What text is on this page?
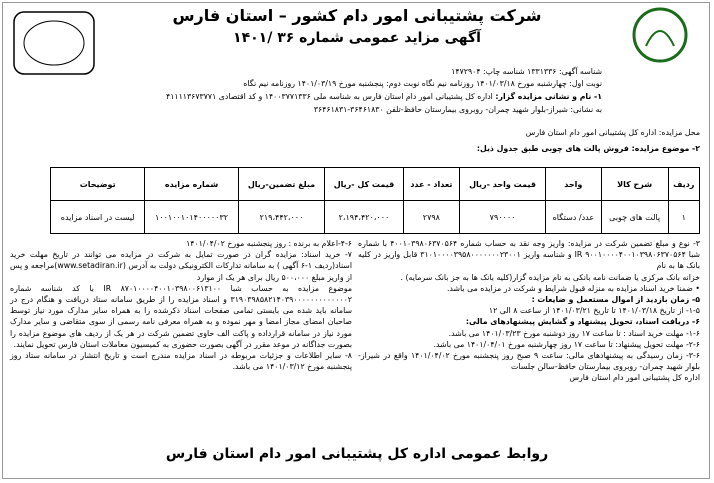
شرکت پشتیبانی امور دام کشور – استان فارس
آگهی مزاید عمومی شماره ۳۶ /۱۴۰۱
شناسه آگهی: ۱۳۳۱۳۳۶ شناسه چاپ: ۱۴۷۲۹۰۴
نوبت اول: چهارشنبه مورخ ۱۴۰۱/۰۳/۱۸ روزنامه نیم نگاه نوبت دوم: پنجشنبه مورخ ۱۴۰۱/۰۳/۱۹ روزنامه نیم نگاه
۱- نام و نشانی مزایده گزار: اداره کل پشتیبانی امور دام استان فارس به شناسه ملی ۱۴۰۰۳۷۷۱۳۳۶ و کد اقتصادی ۴۱۱۱۱۳۶۷۳۷۷۱
به نشانی: شیراز-بلوار شهید چمران- روبروی بیمارستان حافظ-تلفن ۳۶۴۶۱۸۳۰-۳۶۴۶۱۸۳۱
محل مزایده: اداره کل پشتیبانی امور دام استان فارس
۲- موضوع مزایده: فروش پالت های چوبی طبق جدول ذیل:
ردیف	شرح کالا	واحد	قیمت واحد -ریال	تعداد - عدد	قیمت کل -ریال	مبلغ تضمین-ریال	شماره مزایده	توضیحات
۱	پالت های چوبی	عدد/ دستگاه	۷۹۰۰۰۰	۲۷۹۸	۲،۱۹۴،۴۲۰،۰۰۰	۲۱۹،۴۴۲،۰۰۰	۱۰۰۱۰۰۱۰۱۴۰۰۰۰۰۳۲	لیست در اسناد مزایده

۳- نوع و مبلغ تضمین شرکت در مزایده: واریز وجه نقد به حساب شماره ۴۰۰۱۰۳۹۸۰۶۳۷۰۵۶۴ با شماره شبا IR ۹۰۰۱۰۰۰۰۴۰۰۱۰۳۹۸۰۶۳۷۰۵۶۴ و شناسه واریز ۳۱۰۱۰۰۰۰۳۹۵۸۰۰۰۰۰۰۰۲۳۰۰۱ قابل واریز در کلیه بانک ها به نام

خزانه بانک مرکزی یا ضمانت نامه بانکی به نام مزایده گزار(کلیه بانک ها به جز بانک سرمایه) .

• ضمنا خرید اسناد مزایده به منزله قبول شرایط و شرکت در مزایده می باشد.

۵- زمان بازدید از اموال مستعمل و ضایعات :

۱-۵- از تاریخ ۱۴۰۱/۰۳/۱۸ تا تاریخ ۱۴۰۱/۰۳/۲۱ از ساعت ۸ الی ۱۲

۶- دریافت اسناد، تحویل پیشنهاد و گشایش پیشنهادهای مالی:

۱-۶- مهلت خرید اسناد : تا ساعت ۱۷ روز دوشنبه مورخ ۱۴۰۱/۰۳/۲۳ می باشد.

۲-۶- مهلت تحویل پیشنهاد: تا ساعت ۱۷ روز چهارشنبه مورخ ۱۴۰۱/۰۴/۰۱ می باشد.

۳-۶- زمان رسیدگی به پیشنهادهای مالی: ساعت ۹ صبح روز پنجشنبه مورخ ۱۴۰۱/۰۴/۰۲ واقع در شیراز-بلوار شهید چمران- روبروی بیمارستان حافظ-سالن جلسات

اداره کل پشتیبانی امور دام استان فارس

۴-۶-اعلام به برنده : روز پنجشنبه مورخ ۱۴۰۱/۰۴/۰۲

۷- خرید اسناد: مزایده گران در صورت تمایل به شرکت در مزایده می توانند در تاریخ مهلت خرید اسناد(ردیف ۱-۶ آگهی ) به سامانه تدارکات الکترونیکی دولت به آدرس (www.setadiran.ir)مراجعه و پس از واریز مبلغ ۵۰۰،۰۰۰ ریال برای هر یک از موارد

موضوع مزایده به حساب شبا IR ۸۷۰۱۰۰۰۰۴۰۰۱۰۳۹۸۰۰۶۱۳۱۰۰ با کد شناسه شماره ۳۱۹۰۳۹۸۵۸۲۱۴۰۳۹۰۰۰۰۰۰۰۰۰۰۰۰۰۲ و اسناد مزایده را از طریق سامانه ستاد دریافت و هنگام درج در سامانه باید شده می بایستی تمامی صفحات اسناد ذکرشده را به همراه سایر مدارک مورد نیاز توسط صاحبان امضای مجاز امضا و مهر نموده و به همراه معرفی نامه رسمی از سوی متقاضی و سایر مدارک مورد نیاز در سامانه قرارداده و پاکت الف حاوی تضمین شرکت در هر یک از ردیف های موضوع مزایده را بصورت جداگانه در موعد مقرر در آگهی بصورت حضوری به کمیسیون معاملات استان فارس تحویل نمایند.

۸- سایر اطلاعات و جزئیات مربوطه در اسناد مزایده مندرج است و تاریخ انتشار در سامانه ستاد روز پنجشنبه مورخ ۱۴۰۱/۰۳/۱۲ می باشد.

روابط عمومی اداره کل پشتیبانی امور دام استان فارس
